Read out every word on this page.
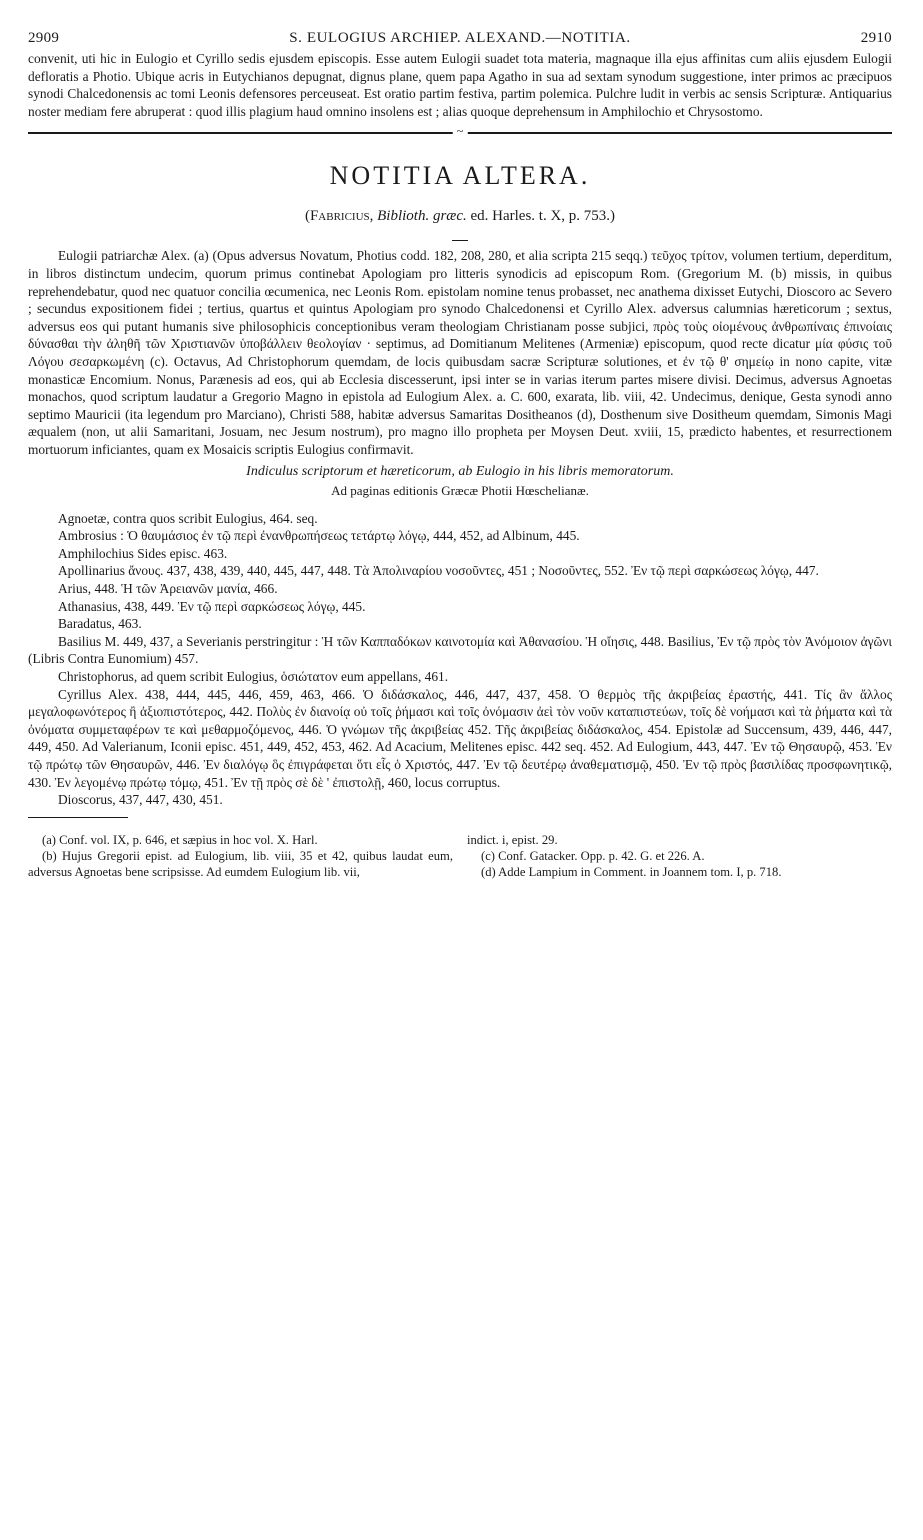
2909	S. EULOGIUS ARCHIEP. ALEXAND.—NOTITIA.	2910

convenit, uti hic in Eulogio et Cyrillo sedis ejusdem episcopis. Esse autem Eulogii suadet tota materia, magnaque illa ejus affinitas cum aliis ejusdem Eulogii defloratis a Photio. Ubique acris in Eutychianos depugnat, dignus plane, quem papa Agatho in sua ad sextam synodum suggestione, inter primos ac præcipuos synodi Chalcedonensis ac tomi Leonis defensores perceuseat. Est oratio partim festiva, partim polemica. Pulchre ludit in verbis ac sensis Scripturæ. Antiquarius noster mediam fere abruperat : quod illis plagium haud omnino insolens est ; alias quoque deprehensum in Amphilochio et Chrysostomo.

~
NOTITIA ALTERA.
(Fabricius, Biblioth. græc. ed. Harles. t. X, p. 753.)

Eulogii patriarchæ Alex. (a) (Opus adversus Novatum, Photius codd. 182, 208, 280, et alia scripta 215 seqq.) τεῦχος τρίτον, volumen tertium, deperditum, in libros distinctum undecim, quorum primus continebat Apologiam pro litteris synodicis ad episcopum Rom. (Gregorium M. (b) missis, in quibus reprehendebatur, quod nec quatuor concilia œcumenica, nec Leonis Rom. epistolam nomine tenus probasset, nec anathema dixisset Eutychi, Dioscoro ac Severo ; secundus expositionem fidei ; tertius, quartus et quintus Apologiam pro synodo Chalcedonensi et Cyrillo Alex. adversus calumnias hæreticorum ; sextus, adversus eos qui putant humanis sive philosophicis conceptionibus veram theologiam Christianam posse subjici, πρὸς τοὺς οἰομένους ἀνθρωπίναις ἐπινοίαις δύνασθαι τὴν ἀληθῆ τῶν Χριστιανῶν ὑποβάλλειν θεολογίαν · septimus, ad Domitianum Melitenes (Armeniæ) episcopum, quod recte dicatur μία φύσις τοῦ Λόγου σεσαρκωμένη (c). Octavus, Ad Christophorum quemdam, de locis quibusdam sacræ Scripturæ solutiones, et ἐν τῷ θ' σημείῳ in nono capite, vitæ monasticæ Encomium. Nonus, Parænesis ad eos, qui ab Ecclesia discesserunt, ipsi inter se in varias iterum partes misere divisi. Decimus, adversus Agnoetas monachos, quod scriptum laudatur a Gregorio Magno in epistola ad Eulogium Alex. a. C. 600, exarata, lib. viii, 42. Undecimus, denique, Gesta synodi anno septimo Mauricii (ita legendum pro Marciano), Christi 588, habitæ adversus Samaritas Dositheanos (d), Dosthenum sive Dositheum quemdam, Simonis Magi æqualem (non, ut alii Samaritani, Josuam, nec Jesum nostrum), pro magno illo propheta per Moysen Deut. xviii, 15, prædicto habentes, et resurrectionem mortuorum inficiantes, quam ex Mosaicis scriptis Eulogius confirmavit.

Indiculus scriptorum et hæreticorum, ab Eulogio in his libris memoratorum.
Ad paginas editionis Græcæ Photii Hœschelianæ.

Agnoetæ, contra quos scribit Eulogius, 464. seq.

Ambrosius : Ὁ θαυμάσιος ἐν τῷ περὶ ἐνανθρωπήσεως τετάρτῳ λόγῳ, 444, 452, ad Albinum, 445.

Amphilochius Sides episc. 463.

Apollinarius ἄνους. 437, 438, 439, 440, 445, 447, 448. Τὰ Ἀπολιναρίου νοσοῦντες, 451 ; Νοσοῦντες, 552. Ἐν τῷ περὶ σαρκώσεως λόγῳ, 447.

Arius, 448. Ἡ τῶν Ἀρειανῶν μανία, 466.

Athanasius, 438, 449. Ἐν τῷ περὶ σαρκώσεως λόγῳ, 445.

Baradatus, 463.

Basilius M. 449, 437, a Severianis perstringitur : Ἡ τῶν Καππαδόκων καινοτομία καὶ Ἀθανασίου. Ἡ οἴησις, 448. Basilius, Ἐν τῷ πρὸς τὸν Ἀνόμοιον ἀγῶνι (Libris Contra Eunomium) 457.

Christophorus, ad quem scribit Eulogius, ὁσιώτατον eum appellans, 461.

Cyrillus Alex. 438, 444, 445, 446, 459, 463, 466. Ὁ διδάσκαλος, 446, 447, 437, 458. Ὁ θερμὸς τῆς ἀκριβείας ἐραστής, 441. Τίς ἂν ἄλλος μεγαλοφωνότερος ἢ ἀξιοπιστότερος, 442. Πολὺς ἐν διανοίᾳ οὐ τοῖς ῥήμασι καὶ τοῖς ὀνόμασιν ἀεὶ τὸν νοῦν καταπιστεύων, τοῖς δὲ νοήμασι καὶ τὰ ῥήματα καὶ τὰ ὀνόματα συμμεταφέρων τε καὶ μεθαρμοζόμενος, 446. Ὁ γνώμων τῆς ἀκριβείας 452. Τῆς ἀκριβείας διδάσκαλος, 454. Epistolæ ad Succensum, 439, 446, 447, 449, 450. Ad Valerianum, Iconii episc. 451, 449, 452, 453, 462. Ad Acacium, Melitenes episc. 442 seq. 452. Ad Eulogium, 443, 447. Ἐν τῷ Θησαυρῷ, 453. Ἐν τῷ πρώτῳ τῶν Θησαυρῶν, 446. Ἐν διαλόγῳ ὃς ἐπιγράφεται ὅτι εἷς ὁ Χριστός, 447. Ἐν τῷ δευτέρῳ ἀναθεματισμῷ, 450. Ἐν τῷ πρὸς βασιλίδας προσφωνητικῷ, 430. Ἐν λεγομένῳ πρώτῳ τόμῳ, 451. Ἐν τῇ πρὸς σὲ δὲ ' ἐπιστολῇ, 460, locus corruptus.

Dioscorus, 437, 447, 430, 451.

(a) Conf. vol. IX, p. 646, et sæpius in hoc vol. X. Harl.

(b) Hujus Gregorii epist. ad Eulogium, lib. viii, 35 et 42, quibus laudat eum, adversus Agnoetas bene scripsisse. Ad eumdem Eulogium lib. vii,

indict. i, epist. 29.

(c) Conf. Gatacker. Opp. p. 42. G. et 226. A.

(d) Adde Lampium in Comment. in Joannem tom. I, p. 718.
